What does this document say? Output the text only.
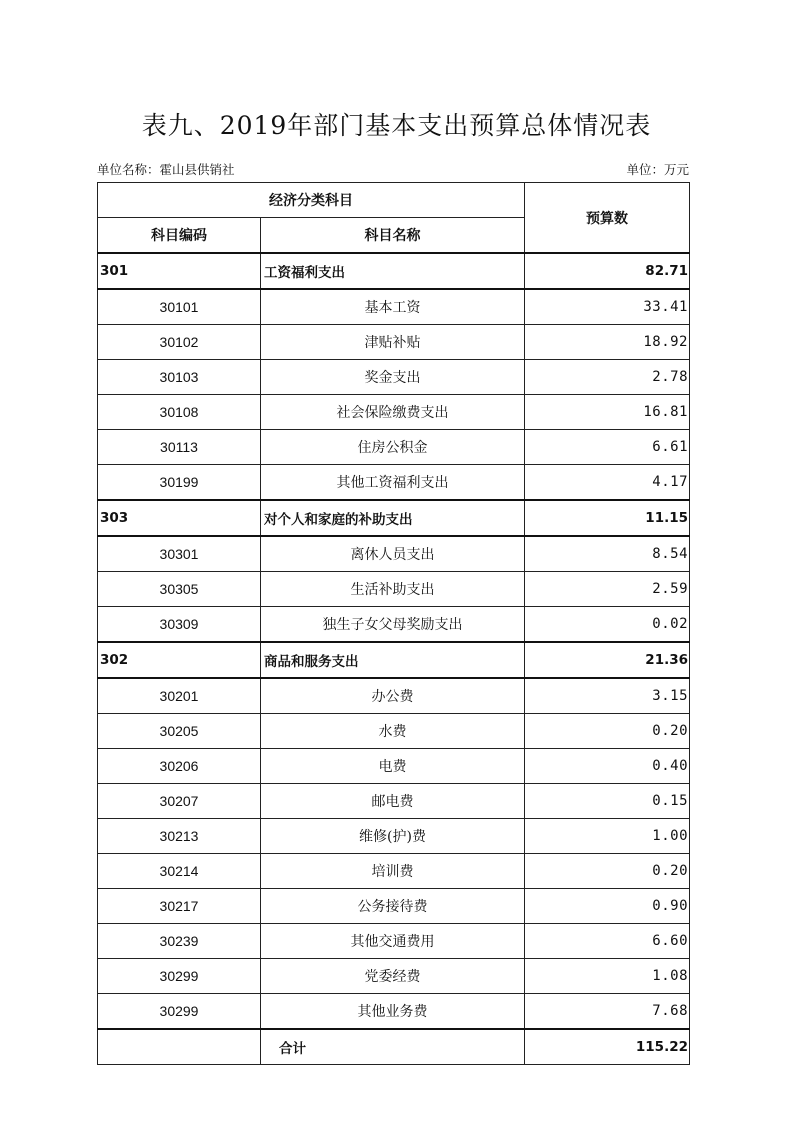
表九、2019年部门基本支出预算总体情况表
单位名称：霍山县供销社	单位：万元
经济分类科目		预算数
科目编码	科目名称	
301	工资福利支出	82.71
30101	基本工资	33.41
30102	津贴补贴	18.92
30103	奖金支出	2.78
30108	社会保险缴费支出	16.81
30113	住房公积金	6.61
30199	其他工资福利支出	4.17
303	对个人和家庭的补助支出	11.15
30301	离休人员支出	8.54
30305	生活补助支出	2.59
30309	独生子女父母奖励支出	0.02
302	商品和服务支出	21.36
30201	办公费	3.15
30205	水费	0.20
30206	电费	0.40
30207	邮电费	0.15
30213	维修(护)费	1.00
30214	培训费	0.20
30217	公务接待费	0.90
30239	其他交通费用	6.60
30299	党委经费	1.08
30299	其他业务费	7.68
	合计	115.22
